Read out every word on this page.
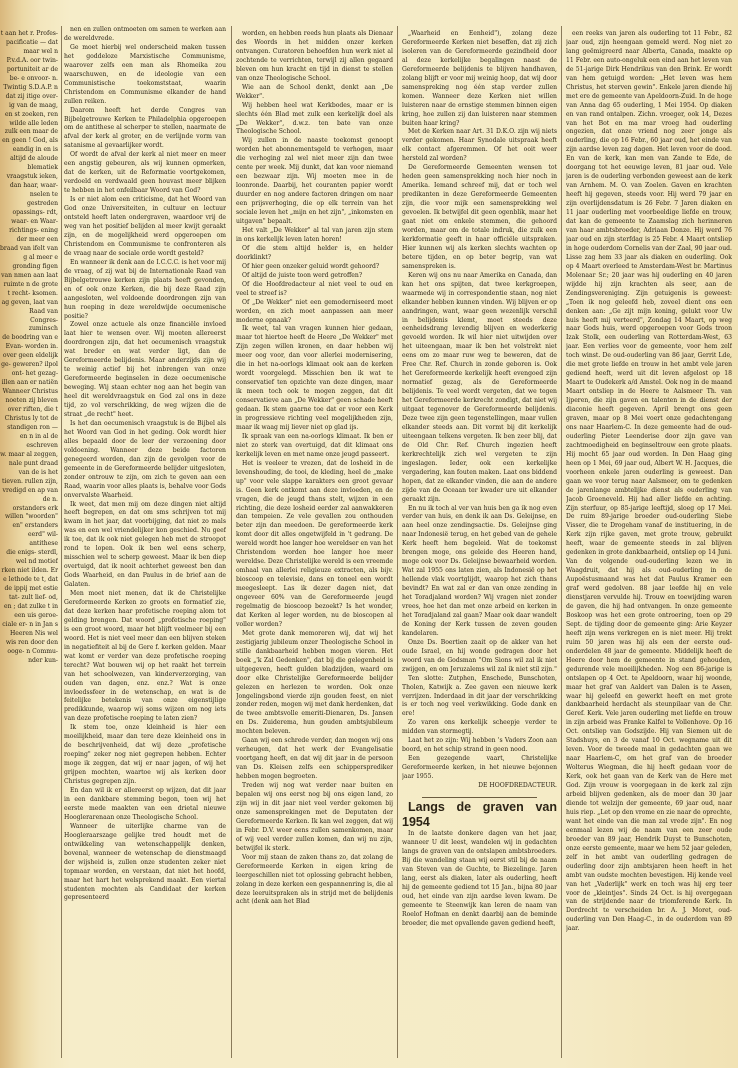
t aan het r. Profes- pacificatie — dat maar wel n P.v.d.A. oor twin- portuniteit ar de be- e onvoor- n. Twintig S.D.A.P. n dat zij itige over- ig van de maag, en st zoeken, ren wilde alle leden zulk een maar de en geen ! God, als eandig in en is altijd de aloude

blematiek vraagstuk ieken, dan haar, waar-

nselen te gestreden opassings- rdt, waar- en Waar- richtings- ening der meer een braad van ifelt van g al meer e gronding figen van nmen aan laat ruimte n de grote t recht- ksomen. ag geven, laat van Raad van Congres- zuminsch

de boodring van e Evan- worden in. over geen eldelijk ge- geweren? ilpol ont- het gezag- illen aan er natiën Wanneer Christus noeten zij bleven over riften, die t Christus ly tot de standigen ron — en n in al de eschreven

w. maar al zeggen,

nale punt draad van de is het tieven. rullen zijn, vredigd en ap van de n.

orstanders erk willen "woorden" en" erstanders eerd" wil- antithese

die enigs- sterdl, wel nd motief rken niet ilden. Er e lethode te t, dat de ippij met estie tat- zult lief- od, en ; dat zulke t in een uis geroe- ciale er- n in Jan s Heeren Nis wel wis ren door den ooge- n Commu- nder kun-

nen en zullen ontmoeten om samen te werken aan de wereldvrede.

Ge moet hierbij wel onderscheid maken tussen het goddeloze Marxistische Communisme, waarover zelfs een man als Rhomeika zou waarschuwen, en de ideologie van een Communistische toekomststaat, waarin Christendom en Communisme elkander de hand zullen reiken.

Daarom heeft het derde Congres van Bijbelgetrouwe Kerken te Philadelphia opgeroepen om de antithese al scherper te stellen, naarmate de afval der kerk al groter, en de verlijnde vorm van satanisme al gevaarlijker wordt.

Of wordt de afval der kerk al niet meer en meer een angstig gebeuren, als wij kunnen opmerken, dat de kerken, uit de Reformatie voortgekomen, verdoeld en verdwaald geen houvast meer blijken te hebben in het onfeilbaar Woord van God?

Is er niet alom een criticisme, dat het Woord van God onze Universiteiten, in cultuur en lectuur ontsteld heeft laten ondergraven, waardoor vrij de weg van het positief belijden al meer kwijt geraakt zijn, en de mogelijkheid werd opgeroepen om Christendom en Communisme te confronteren als de vraag naar de sociale orde wordt gesteld?

En wanneer ik denk aan de I.C.C.C. is het voor mij de vraag, of zij wat bij de Internationale Raad van Bijbelgetrouwe kerken zijn plaats heeft gevonden, en of ook onze Kerken, die bij deze Raad zijn aangesloten, wel voldoende doordrongen zijn van hun roeping in deze wereldwijde oecumenische positie?

Zowel onze actuele als onze financiële invloed laat hier te wensen over. Wij moeten allereerst doordrongen zijn, dat het oecumenisch vraagstuk wat breder en wat verder ligt, dan de Gereformeerde belijdenis. Maar anderzijds zijn wij te weinig actief bij het inbrengen van onze Gereformeerde beginselen in deze oecumenische beweging. Wij staan echter nog aan het begin van heel dit wereldvraagstuk en God zal ons in deze tijd, zo vol verschrikking, de weg wijzen die de straat „de recht" heet.

Is het dan oecumenisch vraagstuk is de Bijbel als het Woord van God in het geding. Ook wordt hier alles bepaald door de leer der verzoening door voldoening. Wanneer deze beide factoren genegeerd worden, dan zijn de gevolgen voor de gemeente in de Gereformeerde belijder uitgesloten, zonder ontrouw te zijn, om zich te geven aan een Raad, waarin voor alles plaats is, behalve voor Gods onvervalste Waarheid.

Ik weet, dat men mij om deze dingen niet altijd heeft begrepen, en dat om sms schrijven tot mij kwam in het jaar, dat voorbijging, dat niet zo mals was en een wel vriendelijker kon geschied. Nu geef ik toe, dat ik ook niet gelegen heb met de stroopot rond te lopen. Ook ik ben wel eens scherp, misschien wel te scherp geweest. Maar ik ben diep overtuigd, dat ik nooit achterhet geweest ben dan Gods Waarheid, en dan Paulus in de brief aan de Galaten.

Men moet niet menen, dat ik de Christelijke Gereformeerde Kerken zo groots en formatief zie, dat deze kerken haar profetische roeping alom tot gelding brengen. Dat woord „profetische roeping" is een groot woord, maar het blijft veelmeer bij een woord. Het is niet veel meer dan een blijven steken in negatiefiteit al bij de Gere f. kerken gelden. Maar wat komt er verder van deze profetische roeping terecht? Wat bouwen wij op het raakt het terrein van het schoolwezen, van kinderverzorging, van ouden van dagen, enz. enz.? Wat is onze invloedssfeer in de wetenschap, en wat is de feitelijke betekenis van onze eigenstijlige predikkunde, waarop wij soms wijzen om nog iets van deze profetische roeping te laten zien?

Ik stem toe, onze kleinheid is hier een moeilijkheid, maar dan tere deze kleinheid ons in de beschrijvenheid, dat wij deze „profetische roeping" zeker nog niet gegrepen hebben. Echter moge ik zeggen, dat wij er naar jagen, of wij het grijpen mochten, waartoe wij als kerken door Christus gegrepen zijn.

En dan wil ik er allereerst op wijzen, dat dit jaar in een dankbare stemming begon, toen wij het eerste mede maakten van een drietal nieuwe Hooglerarenaan onze Theologische School.

Wanneer de uiterlijke charme van de Hoogleraarszage gelijke tred houdt met de ontwikkeling van wetenschappelijk denken, bovenal, wanneer de wetenschap de dienstmaagd der wijsheid is, zullen onze studenten zeker niet topmaar worden, en verstaan, dat niet het hoofd, maar het hart het welsprekend maakt. Een viertal studenten mochten als Candidaat der kerken gepresenteerd

worden, en hebben reeds hun plaats als Dienaar des Woords in het midden onzer kerken ontvangen. Curatoren behoefden hun werk niet al zochtende te verrichten, terwijl zij allen gegaard bleven om hun kracht en tijd in dienst te stellen van onze Theologische School.

Wie aan de School denkt, denkt aan „De Wekker".

Wij hebben heel wat Kerkbodes, maar er is slechts één Blad met zulk een kerkelijk doel als „De Wekker", d.w.z. ten bate van onze Theologische School.

Wij zullen in de naaste toekomst genoopt worden het abonnementsgeld te verhogen, maar die verhoging zal wel niet meer zijn dan twee cente per week. Mij dunkt, dat kan voor niemand een bezwaar zijn. Wij moeten mee in de loonronde. Daarbij, het couranten papier wordt duurder en nog andere factoren dringen om naar een prijsverhoging, die op elk terrein van het sociale leven het „mijn en het zijn", „inkomsten en uitgaven" bepaalt.

Het valt „De Wekker" al tal van jaren zijn stem in ons kerkelijk leven laten horen!

Of die stem altijd helder is, en helder doorklinkt?

Of hier geen onzeker geluid wordt gehoord?

Of altijd de juiste toon werd getroffen?

Of die Hoofdredacteur al niet veel te oud en veel te streef is?

Of „De Wekker" niet een gemoderniseerd moet worden, en zich moet aanpassen aan meer moderne opnaak?

Ik weet, tal van vragen kunnen hier gedaan, maar tot hiertoe heeft de Heere „De Wekker" met Zijn zegen willen kronen, en daar hebben wij meer oog voor, dan voor allerlei modernisering, die in het na-oorlogs klimaat ook aan de kerken wordt voorgelegd. Misschien ben ik wat te conservatief ten opzichte van deze dingen, maar ik meen toch ook te mogen zeggen, dat dit conservatieve aan „De Wekker" geen schade heeft gedaan. Ik stem gaarne toe dat er voor een Kerk in progressieve richting veel mogelijkheden zijn, maar ik waag mij liever niet op glad ijs.

Ik spraak van een na-oorlogs klimaat. Ik ben er niet zo sterk van overtuigd, dat dit klimaat ons kerkelijk leven en met name onze jeugd passeert.

Het is veeleer te vrezen, dat de losheid in de levenshouding, de tooi, de kleding, heel de „make up" voor vele slappe karakters een groot gevaar is. Geen kerk ontkomt aan deze invloeden, en de vragen, die de jeugd thans stelt, wijzen in een richting, die deze losheid eerder zal aanwakkeren dan tempeien. Ze vele gevallen zou onthouden beter zijn dan meedoen. De gereformeerde kerk komt door dit alles ongetwijfeld in 't gedrang. De wereld wordt hoe langer hoe wereldser en van het Christendom worden hoe langer hoe meer wereldse. Deze Christelijke wereld is een vreemde omhaal van allerlei religieuze extracten, als bijv. bioscoop en televisie, dans en toneel een wordt meegesleept. Las ik dezer dagen niet, dat ongeveer 60% van de Gereformeerde jeugd regelmatig de bioscoop bezoekt? Is het wonder, dat Kerken al leger worden, nu de bioscopen al voller worden?

Met grote dank memoreren wij, dat wij het zestigjarig jubileum onzer Theologische School in stille dankbaarheid hebben mogen vieren. Het boek „'k Zal Gedenken", dat bij die gelegenheid is uitgegeven, heeft gulden bladzijden, waard om door elke Christelijke Gereformeerde belijder gelezen en herlezen te worden. Ook onze Jongelingsbond vierde zijn gouden feest, en niet zonder reden, mogen wij met dank herdenken, dat de twee ambtsvolle emeriti-Dienaren, Ds. Jansen en Ds. Zuiderema, hun gouden ambtsjubileum mochten beleven.

Gaan wij een schrede verder, dan mogen wij ons verheugen, dat het werk der Evangelisatie voortgang heeft, en dat wij dit jaar in de persoon van Ds. Kleisen zelfs een schippersprediker hebben mogen begroeten.

Treden wij nog wat verder naar buiten en bepalen wij ons eerst nog bij ons eigen land, zo zijn wij in dit jaar niet veel verder gekomen bij onze samensprekingen met de Deputaten der Gereformeerde Kerken. Ik kan wel zeggen, dat wij in Febr. D.V. weer eens zullen samenkomen, maar of wij veel verder zullen komen, dan wij nu zijn, betwijfel ik sterk.

Voor mij staan de zaken thans zo, dat zolang de Gereformeerde Kerken in eigen kring de leergeschillen niet tot oplossing gebracht hebben, zolang in deze kerken een gespannenring is, die al deze leeruitspraken als in strijd met de belijdenis acht (denk aan het Blad

„Waarheid en Eenheid"), zolang deze Gereformeerde Kerken niet beseffen, dat zij zich isoleren van de Gereformeerde gezindheid door al deze kerkelijke begalingen naast de Gereformeerde belijdenis te blijven handhaven, zolang blijft er voor mij weinig hoop, dat wij door samenspreking nog één stap verder zullen komen. Wanneer deze Kerken niet willen luisteren naar de ernstige stemmen binnen eigen kring, hoe zullen zij dan luisteren naar stemmen buiten haar kring?

Met de Kerken naar Art. 31 D.K.O. zijn wij niets verder gekomen. Haar Synodale uitspraak heeft elk contact afgeremmen. Of het ooit weer hersteld zal worden?

De Gereformeerde Gemeenten wensen tot heden geen samensprekking noch hier noch in Amerika. Iemand schreef mij, dat er toch wel predikanten in deze Gereformeerde Gemeenten zijn, die voor mijk een samensprekking wel gevoelen. Ik betwijfel dit geen ogenblik, maar het gaat niet om enkele stemmen, die gehoord worden, maar om de totale indruk, die zulk een kerkformatie geeft in haar officiële uitspraken. Hier kunnen wij als kerken slechts wachten op betere tijden, en op beter begrip, van wat samenspreken is.

Keren wij ons nu naar Amerika en Canada, dan kan het ons spijten, dat twee kerkgroepen, waarmede wij in correspondentie staan, nog niet elkander hebben kunnen vinden. Wij blijven er op aandringen, want, waar geen wezenlijk verschil in belijdenis klemt, moet steeds deze eenheidsdrang levendig blijven en wederkerig gevoeld worden. Ik wil hier niet uitwijden over het uiteengaan, maar ik ben het volstrekt niet eens om zo maar ruw weg te beweren, dat de Free Chr. Ref. Church in zonde geboren is. Ook het Gereformeerde kerkelijk heeft evengoed zijn normatief gezag, als de Gereformeerde belijdenis. Te veel wordt vergeten, dat we tegen het Gereformeerde kerkrecht zondigt, dat niet wij uitgaat tegenover de Gereformeerde belijdenis. Deze twee zijn geen tegenstellingen, maar vullen elkander steeds aan. Dit vormt bij dit kerkelijk uiteengaan telkens vergeten. Ik ben zeer blij, dat de Old Chr. Ref. Church ingezien heeft kerkrechtelijk zich wel vergeten te zijn ingeslagen. Ieder, ook een kerkelijke vergadering, kan fouten maken. Laat ons biddend hopen, dat ze elkander vinden, die aan de andere zijde van de Oceaan ter kwader ure uit elkander geraakt zijn.

En nu ik toch al ver van huis ben ga ik nog even verder van huis, en denk ik aan Ds. Geleijnse, en aan heel onze zendingsactie. Ds. Geleijnse ging naar Indonesië terug, en het gebed van de gehele Kerk heeft hem begeleid. Wat de toekomst brengen moge, ons geleide des Heeren hand, moge ook voor Ds. Geleijnse bewaarheid worden. Wat zal 1955 ons laten zien, als Indonesië op het hellende vlak voortglijdt, waarop het zich thans bevindt? En wat zal er dan van onze zending in het Toradjaland worden? Wij vragen niet zonder vrees, hoe het dan met onze arbeid en kerken in het Toradjaland zal gaan? Maar ook daar wandelt de Koning der Kerk tussen de zeven gouden kandelaren.

Onze Ds. Boertien zaait op de akker van het oude Israel, en hij wonde gedragen door het woord van de Godsman "Om Sions wil zal ik niet zwijgen, en om Jeruzalems wil zal ik niet stil zijn."

Ten slotte: Zutphen, Enschede, Bunschoten, Tholen, Katwijk a. Zee gaven een nieuwe kerk verrijzen. Inderdaad in dit jaar der verschrikking is er toch nog veel verkwikking. Gode dank en ere!

Zo varen ons kerkelijk scheepje verder te midden van stormegtij.

Laat het zo zijn: Wij hebben 's Vaders Zoon aan boord, en het schip strand in geen nood.

Een gezegende vaart, Christelijke Gereformeerde kerken, in het nieuwe bejonnen jaar 1955.

DE HOOFDREDACTEUR.

Langs de graven van 1954

In de laatste donkere dagen van het jaar, wanneer U dit leest, wandelen wij in gedachten langs de graven van de ontslapen ambtsbroeders. Bij die wandeling staan wij eerst stil bij de naam van Steven van de Guchte, te Biezelinge. Jaren lang, eerst als diaken, later als ouderling, heeft hij de gemeente gediend tot 15 Jan., bijna 80 jaar oud, het einde van zijn aardse leven kwam. De gemeente te Steenwijk kan leren de naam van Roelof Hofman en denkt daarbij aan de beminde broeder, die met opvallende gaven gediend heeft,

een reeks van jaren als ouderling tot 11 Febr., 82 jaar oud, zijn heengaan gemeld werd. Nog niet zo lang geëmigreerd naar Alberta, Canada, maakte op 11 Febr. een auto-ongeluk een eind aan het leven van de 51-jarige Dirk Hendrikus van den Brink. Er wordt van hem getuigd worden: „Het leven was hem Christus, het sterven gewin". Enkele jaren diende hij met ere de gemeente van Apeldoorn-Zuid. In de hoge van Anna dag 65 ouderling, 1 Mei 1954. Op diaken en van rand ontalpen. Zichn. vroeger, ook 14, Dezes van het Bot en ma mar vroeg had ouderling ongezien, dat onze vriend nog zeer jonge als ouderling, die op 16 Febr., 60 jaar oud, het einde van zijn aardse leven zag dagen. Het leven voor de dood. En van de kerk, kan men van Zande te Ede, de doorgang tot het eeuwige leven, 81 jaar oud. Vele jaren is de ouderling verbonden geweest aan de kerk van Arnhem. M. O. van Zoelen. Gaven en krachten heeft hij gegeven, steeds voor. Hij werd 79 jaar en zijn overlijdensdatum is 26 Febr. 7 Jaren diaken en 11 jaar ouderling met voorbeeldige liefde en trouw, dat kan de gemeente te Zaamslag zich herinneren van haar ambtsbroeder, Adriaan Donze. Hij werd 76 jaar oud en zijn sterfdag is 25 Febr. 4 Maart ontsliep in hoge ouderdom Cornelis van der Zaal, 90 jaar oud. Lisse zag hem 33 jaar als diaken en ouderling. Ook op 4 Maart overleed te Amsterdam-West br. Martinus Molenaar Sr.; 20 jaar was hij ouderling en 40 jaren wijdde hij zijn krachten als seer, aan de Zendingsvereniging. Zijn getuigenis is geweest: „Toen ik nog geleefd heb, zoveel dient ons een denken aan: „Ge zijt mijn koning, gelukt voor Uw huis heeft mij verteerd", Zondag 14 Maart, op weg naar Gods huis, werd opgeroepen voor Gods troon Izak Stolk, een ouderling van Rotterdam-West, 63 jaar. Een verlies voor de gemeente, voor hem zelf toch winst. De oud-ouderling van 86 jaar, Gerrit Lde, die met grote liefde en trouw in het ambt vele jaren gediend heeft, werd uit dit leven afgelost op 18 Maart te Oudekerk a/d Amstel. Ook nog in de maand Maart ontsliep in de Heere te Aalsmeer Th. van Ijperen, die zijn gaven en talenten in de dienst der diaconie heeft gegeven. April brengt ons geen graven, maar op 8 Mei voert onze gedachtengang ons naar Haarlem-C. In deze gemeente had de oud-ouderling Pieter Leenderise door zijn gave van zachtmoedigheid en beginseltrouw een grote plaats. Hij mocht 65 jaar oud worden. In Den Haag ging heen op 1 Mei, 69 jaar oud, Albert W. H. Jacques, die voorheen enkele jaren ouderling is geweest. Dan gaan we voor terug naar Aalsmeer, om te gedenken de jarenlange ambtelijke dienst als ouderling van Jacob Groeneveld. Hij had aller liefde en achting. Zijn sterfuur, op 85-jarige leeftijd, sloeg op 17 Mei. De ruim 89-jarige broeder oud-ouderling Siebe Visser, die te Drogeham vanaf de instituering, in de Kerk zijn rijke gaven, met grote trouw, gebruikt heeft, waar de gemeente steeds in zal blijven gedenken in grote dankbaarheid, ontsliep op 14 Juni. Van de volgende oud-ouderling lezen we in Waagdruit, dat hij als oud-ouderling in de Aupoëstusmaand was het dat Paulus Kramer een graf werd gedolven. 88 jaar leefde hij en vele dienstjaren vervulde hij. Trouw en toewijding waren de gaven, die hij had ontvangen. In onze gemeente Boskoop was het een grote ontroering, toen op 29 Sept. de tijding door de gemeente ging: Arie Keyzer heeft zijn wens verkregen en is niet meer. Hij trekt ruim 50 jaren was hij als een der eerste oud-onderdelen 48 jaar de gemeente. Middelijk heeft de Heere door hem de gemeente in stand gehouden, gedurende vele moeilijkheden. Nog een 86-jarige is ontslapen op 4 Oct. te Apeldoorn, waar hij woonde, maar het graf van Aaldert van Dalen is te Assen, waar hij geleefd en gewerkt heeft en met grote dankbaarheid herdacht als steunpilaar van de Chr. Geref. Kerk. Vele jaren ouderling met liefde en trouw in zijn arbeid was Franke Kalfel te Vollenhove. Op 16 Oct. ontsliep van Godszijde. Hij van Siemen uit de Stadshuys, en 3 de vanaf 10 Oct. wegname uit dit leven. Voor de tweede maal in gedachten gaan we naar Haarlem-C, om het graf van de broeder Wolterus Wiegman, die hij heeft gedaan voor de Kerk, ook het gaan van de Kerk van de Here met God. Zijn vrouw is voorgegaan in de kerk zal zijn arbeid blijven gedenken, als de moer dan 30 jaar diende tot welzijn der gemeente, 69 jaar oud, naar huis riep. „Let op den vrome en zie naar de oprechte, want het einde van die man zal vrede zijn". En nog eenmaal lezen wij de naam van een zeer oude broeder van 89 jaar, Hendrik Duyst te Bunschoten, onze eerste gemeente, maar we hem 52 jaar geleden, zelf in het ambt van ouderlling gedragen de ouderling door zijn ambtsjaren heen heeft in het ambt van oudste mochten bevestigen. Hij kende veel van het „Vaderlijk" werk en toch was hij erg teer voor de „kleintjes". Sinds 24 Oct. is hij overgegaan van de strijdende naar de triomferende Kerk. In Dordrecht te verscheiden br. A. J. Moret, oud-ouderling van Den Haag-C., in de ouderdom van 89 jaar.
